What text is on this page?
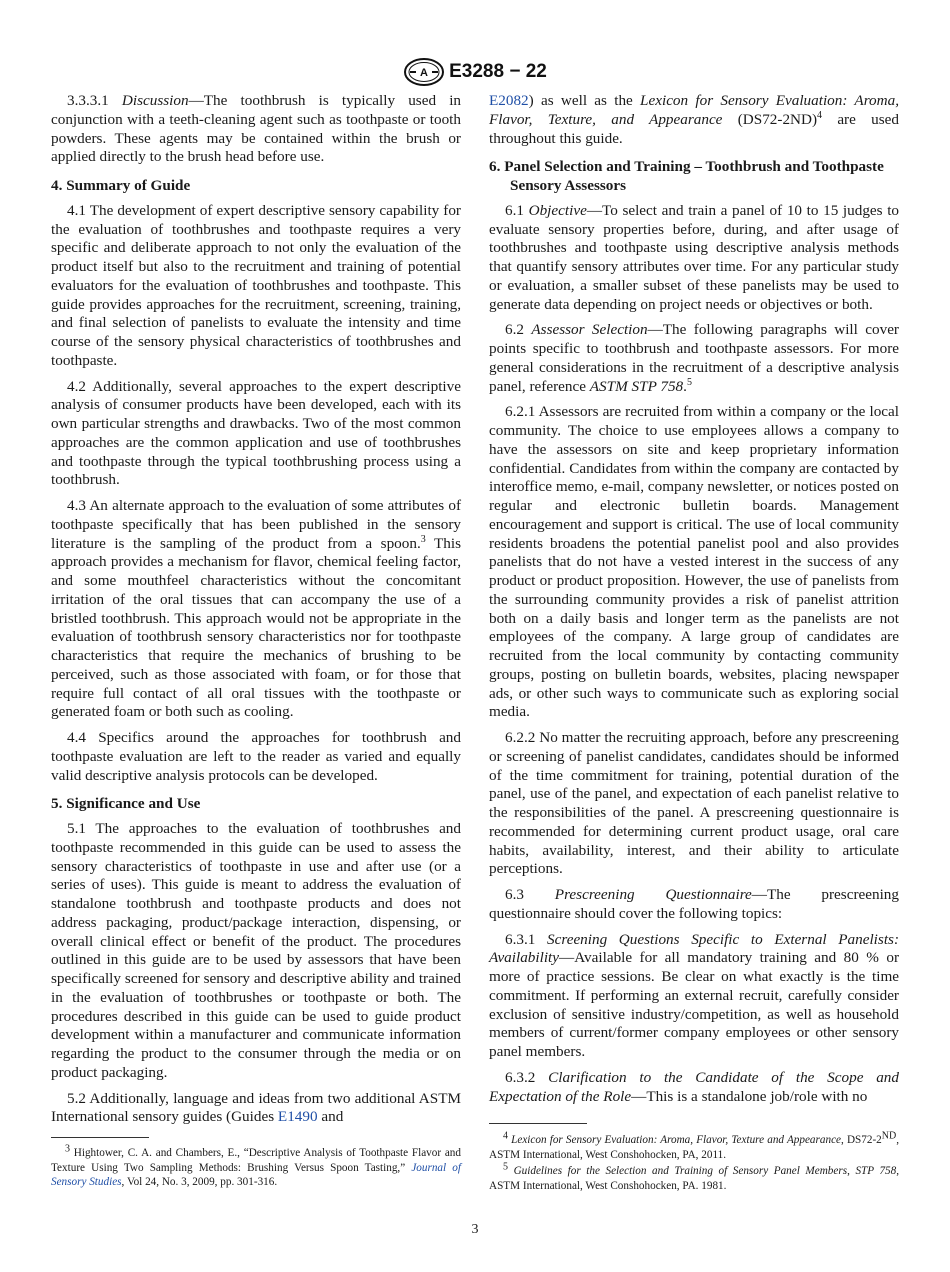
A E3288 − 22

3.3.3.1 Discussion—The toothbrush is typically used in conjunction with a teeth-cleaning agent such as toothpaste or tooth powders. These agents may be contained within the brush or applied directly to the brush head before use.

4. Summary of Guide

4.1 The development of expert descriptive sensory capability for the evaluation of toothbrushes and toothpaste requires a very specific and deliberate approach to not only the evaluation of the product itself but also to the recruitment and training of potential evaluators for the evaluation of toothbrushes and toothpaste. This guide provides approaches for the recruitment, screening, training, and final selection of panelists to evaluate the intensity and time course of the sensory physical characteristics of toothbrushes and toothpaste.

4.2 Additionally, several approaches to the expert descriptive analysis of consumer products have been developed, each with its own particular strengths and drawbacks. Two of the most common approaches are the common application and use of toothbrushes and toothpaste through the typical toothbrushing process using a toothbrush.

4.3 An alternate approach to the evaluation of some attributes of toothpaste specifically that has been published in the sensory literature is the sampling of the product from a spoon.$^3$ This approach provides a mechanism for flavor, chemical feeling factor, and some mouthfeel characteristics without the concomitant irritation of the oral tissues that can accompany the use of a bristled toothbrush. This approach would not be appropriate in the evaluation of toothbrush sensory characteristics nor for toothpaste characteristics that require the mechanics of brushing to be perceived, such as those associated with foam, or for those that require full contact of all oral tissues with the toothpaste or generated foam or both such as cooling.

4.4 Specifics around the approaches for toothbrush and toothpaste evaluation are left to the reader as varied and equally valid descriptive analysis protocols can be developed.

5. Significance and Use

5.1 The approaches to the evaluation of toothbrushes and toothpaste recommended in this guide can be used to assess the sensory characteristics of toothpaste in use and after use (or a series of uses). This guide is meant to address the evaluation of standalone toothbrush and toothpaste products and does not address packaging, product/package interaction, dispensing, or overall clinical effect or benefit of the product. The procedures outlined in this guide are to be used by assessors that have been specifically screened for sensory and descriptive ability and trained in the evaluation of toothbrushes or toothpaste or both. The procedures described in this guide can be used to guide product development within a manufacturer and communicate information regarding the product to the consumer through the media or on product packaging.

5.2 Additionally, language and ideas from two additional ASTM International sensory guides (Guides E1490 and

E2082) as well as the Lexicon for Sensory Evaluation: Aroma, Flavor, Texture, and Appearance $(DS72-2ND)^4$ are used throughout this guide.

6. Panel Selection and Training – Toothbrush and Toothpaste Sensory Assessors

6.1 Objective—To select and train a panel of 10 to 15 judges to evaluate sensory properties before, during, and after usage of toothbrushes and toothpaste using descriptive analysis methods that quantify sensory attributes over time. For any particular study or evaluation, a smaller subset of these panelists may be used to generate data depending on project needs or objectives or both.

6.2 Assessor Selection—The following paragraphs will cover points specific to toothbrush and toothpaste assessors. For more general considerations in the recruitment of a descriptive analysis panel, reference ASTM STP 758.$^5$

6.2.1 Assessors are recruited from within a company or the local community. The choice to use employees allows a company to have the assessors on site and keep proprietary information confidential. Candidates from within the company are contacted by interoffice memo, e-mail, company newsletter, or notices posted on regular and electronic bulletin boards. Management encouragement and support is critical. The use of local community residents broadens the potential panelist pool and also provides panelists that do not have a vested interest in the success of any product or product proposition. However, the use of panelists from the surrounding community provides a risk of panelist attrition both on a daily basis and longer term as the panelists are not employees of the company. A large group of candidates are recruited from the local community by contacting community groups, posting on bulletin boards, websites, placing newspaper ads, or other such ways to communicate such as exploring social media.

6.2.2 No matter the recruiting approach, before any prescreening or screening of panelist candidates, candidates should be informed of the time commitment for training, potential duration of the panel, use of the panel, and expectation of each panelist relative to the responsibilities of the panel. A prescreening questionnaire is recommended for determining current product usage, oral care habits, availability, interest, and their ability to articulate perceptions.

6.3 Prescreening Questionnaire—The prescreening questionnaire should cover the following topics:

6.3.1 Screening Questions Specific to External Panelists: Availability—Available for all mandatory training and 80 % or more of practice sessions. Be clear on what exactly is the time commitment. If performing an external recruit, carefully consider exclusion of sensitive industry/competition, as well as household members of current/former company employees or other sensory panel members.

6.3.2 Clarification to the Candidate of the Scope and Expectation of the Role—This is a standalone job/role with no

$^3$ Hightower, C. A. and Chambers, E., “Descriptive Analysis of Toothpaste Flavor and Texture Using Two Sampling Methods: Brushing Versus Spoon Tasting,” Journal of Sensory Studies, Vol 24, No. 3, 2009, pp. 301-316.

$^4$ Lexicon for Sensory Evaluation: Aroma, Flavor, Texture and Appearance, DS72-2ND, ASTM International, West Conshohocken, PA, 2011.

$^5$ Guidelines for the Selection and Training of Sensory Panel Members, STP 758, ASTM International, West Conshohocken, PA. 1981.

3
